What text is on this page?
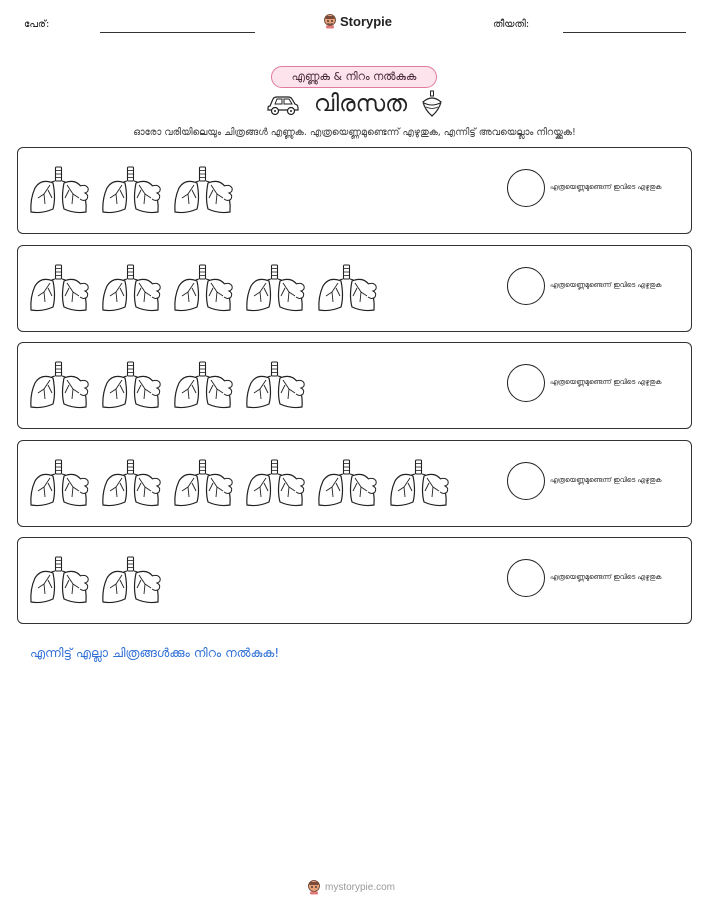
പേര്:	Storypie	തീയതി:
എണ്ണുക & നിറം നൽകുക
വിരസത
ഓരോ വരിയിലെയും ചിത്രങ്ങൾ എണ്ണുക. എത്രയെണ്ണമുണ്ടെന്ന് എഴുതുക, എന്നിട്ട് അവയെല്ലാം നിറയ്ക്കുക!
എത്രയെണ്ണമുണ്ടെന്ന് ഇവിടെ എഴുതുക
എത്രയെണ്ണമുണ്ടെന്ന് ഇവിടെ എഴുതുക
എത്രയെണ്ണമുണ്ടെന്ന് ഇവിടെ എഴുതുക
എത്രയെണ്ണമുണ്ടെന്ന് ഇവിടെ എഴുതുക
എത്രയെണ്ണമുണ്ടെന്ന് ഇവിടെ എഴുതുക
എന്നിട്ട് എല്ലാ ചിത്രങ്ങൾക്കും നിറം നൽകുക!
mystorypie.com
